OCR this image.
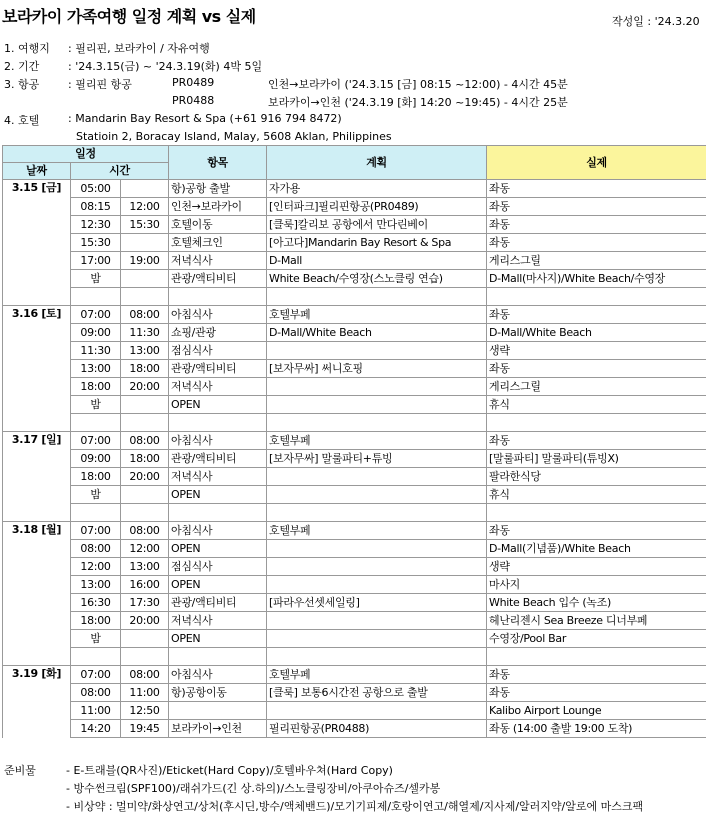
보라카이 가족여행 일정 계획 vs 실제	작성일 : '24.3.20
1. 여행지 : 필리핀, 보라카이 / 자유여행
2. 기간	: '24.3.15(금) ~ '24.3.19(화) 4박 5일
3. 항공	: 필리핀 항공	PR0489	인천→보라카이 ('24.3.15 [금] 08:15 ~12:00) - 4시간 45분
PR0488	보라카이→인천 ('24.3.19 [화] 14:20 ~19:45) - 4시간 25분
4. 호텔	: Mandarin Bay Resort & Spa (+61 916 794 8472)
Statioin 2, Boracay Island, Malay, 5608 Aklan, Philippines
일정			항목	계획	실제
날짜	시간				
3.15 [금]	05:00		항)공항 출발	자가용	좌동
	08:15	12:00	인천→보라카이	[인터파크]필리핀항공(PR0489)	좌동
	12:30	15:30	호텔이동	[클룩]칼리보 공항에서 만다린베이	좌동
	15:30		호텔체크인	[아고다]Mandarin Bay Resort & Spa	좌동
	17:00	19:00	저녁식사	D-Mall	게리스그릴
	밤		관광/액티비티	White Beach/수영장(스노클링 연습)	D-Mall(마사지)/White Beach/수영장

3.16 [토]	07:00	08:00	아침식사	호텔부페	좌동
	09:00	11:30	쇼핑/관광	D-Mall/White Beach	D-Mall/White Beach
	11:30	13:00	점심식사		생략
	13:00	18:00	관광/액티비티	[보자무싸] 써니호핑	좌동
	18:00	20:00	저녁식사		게리스그릴
	밤		OPEN		휴식

3.17 [일]	07:00	08:00	아침식사	호텔부페	좌동
	09:00	18:00	관광/액티비티	[보자무싸] 말룰파티+튜빙	[말룰파티] 말룰파티(튜빙X)
	18:00	20:00	저녁식사		팔라한식당
	밤		OPEN		휴식

3.18 [월]	07:00	08:00	아침식사	호텔부페	좌동
	08:00	12:00	OPEN		D-Mall(기념품)/White Beach
	12:00	13:00	점심식사		생략
	13:00	16:00	OPEN		마사지
	16:30	17:30	관광/액티비티	[파라우선셋세일링]	White Beach 입수 (녹조)
	18:00	20:00	저녁식사		헤난리젠시 Sea Breeze 디너부페
	밤		OPEN		수영장/Pool Bar

3.19 [화]	07:00	08:00	아침식사	호텔부페	좌동
	08:00	11:00	항)공항이동	[클룩] 보통6시간전 공항으로 출발	좌동
	11:00	12:50			Kalibo Airport Lounge
	14:20	19:45	보라카이→인천	필리핀항공(PR0488)	좌동 (14:00 출발 19:00 도착)
준비물	- E-트래블(QR사진)/Eticket(Hard Copy)/호텔바우쳐(Hard Copy)
- 방수썬크림(SPF100)/래쉬가드(긴 상.하의)/스노클링장비/아쿠아슈즈/셀카봉
- 비상약 : 멀미약/화상연고/상처(후시딘,방수/액체밴드)/모기기피제/호랑이연고/해열제/지사제/알러지약/알로에 마스크팩
